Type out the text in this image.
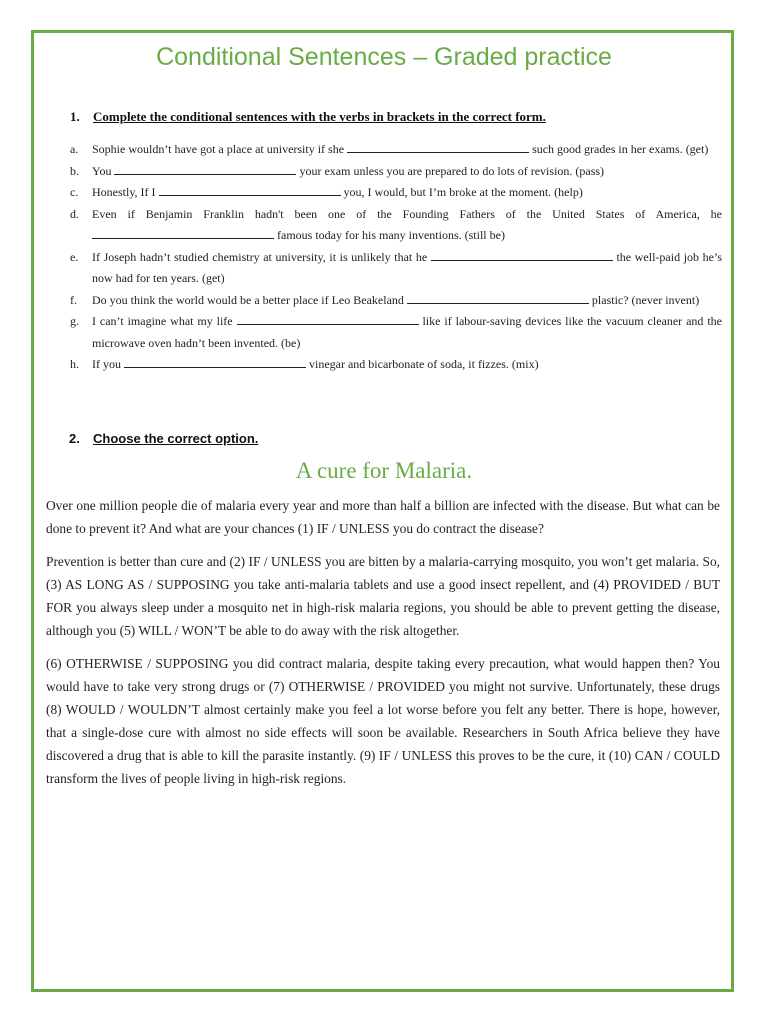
Conditional Sentences – Graded practice
1. Complete the conditional sentences with the verbs in brackets in the correct form.
a.	Sophie wouldn’t have got a place at university if she	such good grades in her exams. (get)
b.	You	your exam unless you are prepared to do lots of revision. (pass)
c.	Honestly, If I	you, I would, but I’m broke at the moment. (help)
d.	Even if Benjamin Franklin hadn't been one of the Founding Fathers of the United States of America, he  famous today for his many inventions. (still be)
e.	If Joseph hadn’t studied chemistry at university, it is unlikely that he	the well-paid job he’s now had for ten years. (get)
f.	Do you think the world would be a better place if Leo Beakeland	plastic? (never invent)
g.	I can’t imagine what my life	like if labour-saving devices like the vacuum cleaner and the microwave oven hadn’t been invented. (be)
h.	If you	vinegar and bicarbonate of soda, it fizzes. (mix)
2. Choose the correct option.
A cure for Malaria.

Over one million people die of malaria every year and more than half a billion are infected with the disease. But what can be done to prevent it? And what are your chances (1) IF / UNLESS you do contract the disease?

Prevention is better than cure and (2) IF / UNLESS you are bitten by a malaria-carrying mosquito, you won’t get malaria. So, (3) AS LONG AS / SUPPOSING you take anti-malaria tablets and use a good insect repellent, and (4) PROVIDED / BUT FOR you always sleep under a mosquito net in high-risk malaria regions, you should be able to prevent getting the disease, although you (5) WILL / WON’T be able to do away with the risk altogether.

(6) OTHERWISE / SUPPOSING you did contract malaria, despite taking every precaution, what would happen then? You would have to take very strong drugs or (7) OTHERWISE / PROVIDED you might not survive. Unfortunately, these drugs (8) WOULD / WOULDN’T almost certainly make you feel a lot worse before you felt any better. There is hope, however, that a single-dose cure with almost no side effects will soon be available. Researchers in South Africa believe they have discovered a drug that is able to kill the parasite instantly. (9) IF / UNLESS this proves to be the cure, it (10) CAN / COULD transform the lives of people living in high-risk regions.
